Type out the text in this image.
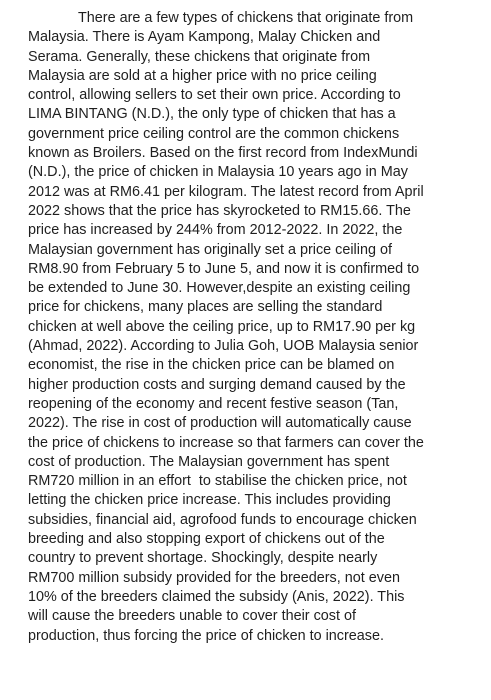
There are a few types of chickens that originate from
Malaysia. There is Ayam Kampong, Malay Chicken and
Serama. Generally, these chickens that originate from
Malaysia are sold at a higher price with no price ceiling
control, allowing sellers to set their own price. According to
LIMA BINTANG (N.D.), the only type of chicken that has a
government price ceiling control are the common chickens
known as Broilers. Based on the first record from IndexMundi
(N.D.), the price of chicken in Malaysia 10 years ago in May
2012 was at RM6.41 per kilogram. The latest record from April
2022 shows that the price has skyrocketed to RM15.66. The
price has increased by 244% from 2012-2022. In 2022, the
Malaysian government has originally set a price ceiling of
RM8.90 from February 5 to June 5, and now it is confirmed to
be extended to June 30. However,despite an existing ceiling
price for chickens, many places are selling the standard
chicken at well above the ceiling price, up to RM17.90 per kg
(Ahmad, 2022). According to Julia Goh, UOB Malaysia senior
economist, the rise in the chicken price can be blamed on
higher production costs and surging demand caused by the
reopening of the economy and recent festive season (Tan,
2022). The rise in cost of production will automatically cause
the price of chickens to increase so that farmers can cover the
cost of production. The Malaysian government has spent
RM720 million in an effort  to stabilise the chicken price, not
letting the chicken price increase. This includes providing
subsidies, financial aid, agrofood funds to encourage chicken
breeding and also stopping export of chickens out of the
country to prevent shortage. Shockingly, despite nearly
RM700 million subsidy provided for the breeders, not even
10% of the breeders claimed the subsidy (Anis, 2022). This
will cause the breeders unable to cover their cost of
production, thus forcing the price of chicken to increase.
